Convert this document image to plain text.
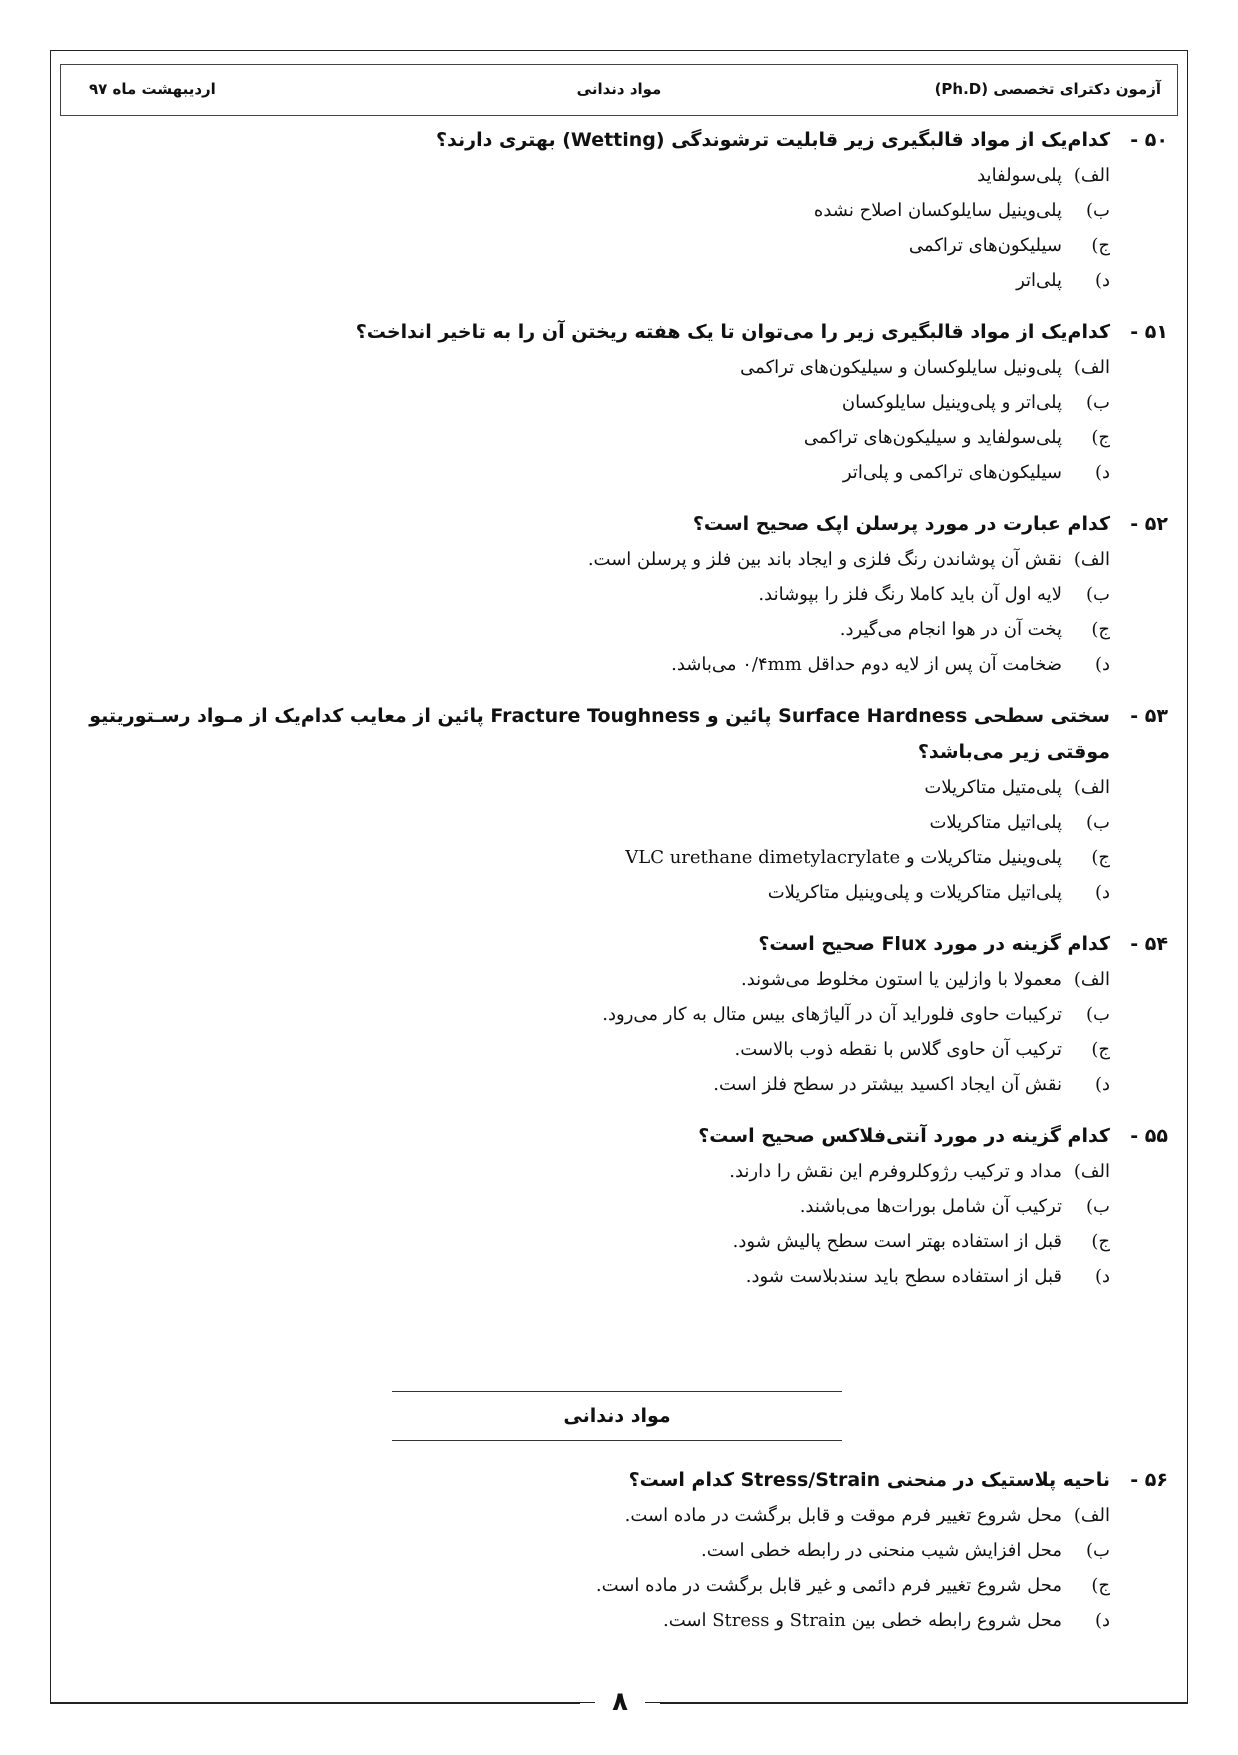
آزمون دکترای تخصصی (Ph.D)
مواد دندانی
اردیبهشت ماه ۹۷
۵۰ -
کدام‌یک از مواد قالبگیری زیر قابلیت ترشوندگی (Wetting) بهتری دارند؟
الف)
پلی‌سولفاید
ب)
پلی‌وینیل سایلوکسان اصلاح نشده
ج)
سیلیکون‌های تراکمی
د)
پلی‌اتر
۵۱ -
کدام‌یک از مواد قالبگیری زیر را می‌توان تا یک هفته ریختن آن را به تاخیر انداخت؟
الف)
پلی‌ونیل سایلوکسان و سیلیکون‌های تراکمی
ب)
پلی‌اتر و پلی‌وینیل سایلوکسان
ج)
پلی‌سولفاید و سیلیکون‌های تراکمی
د)
سیلیکون‌های تراکمی و پلی‌اتر
۵۲ -
کدام عبارت در مورد پرسلن اپک صحیح است؟
الف)
نقش آن پوشاندن رنگ فلزی و ایجاد باند بین فلز و پرسلن است.
ب)
لایه اول آن باید کاملا رنگ فلز را بپوشاند.
ج)
پخت آن در هوا انجام می‌گیرد.
د)
ضخامت آن پس از لایه دوم حداقل ۰/۴mm می‌باشد.
۵۳ -
سختی سطحی Surface Hardness پائین و Fracture Toughness پائین از معایب کدام‌یک از مـواد رسـتوریتیو موقتی زیر می‌باشد؟
الف)
پلی‌متیل متاکریلات
ب)
پلی‌اتیل متاکریلات
ج)
پلی‌وینیل متاکریلات و VLC urethane dimetylacrylate
د)
پلی‌اتیل متاکریلات و پلی‌وینیل متاکریلات
۵۴ -
کدام گزینه در مورد Flux صحیح است؟
الف)
معمولا با وازلین یا استون مخلوط می‌شوند.
ب)
ترکیبات حاوی فلوراید آن در آلیاژهای بیس متال به کار می‌رود.
ج)
ترکیب آن حاوی گلاس با نقطه ذوب بالاست.
د)
نقش آن ایجاد اکسید بیشتر در سطح فلز است.
۵۵ -
کدام گزینه در مورد آنتی‌فلاکس صحیح است؟
الف)
مداد و ترکیب رژوکلروفرم این نقش را دارند.
ب)
ترکیب آن شامل بورات‌ها می‌باشند.
ج)
قبل از استفاده بهتر است سطح پالیش شود.
د)
قبل از استفاده سطح باید سندبلاست شود.
مواد دندانی
۵۶ -
ناحیه پلاستیک در منحنی Stress/Strain کدام است؟
الف)
محل شروع تغییر فرم موقت و قابل برگشت در ماده است.
ب)
محل افزایش شیب منحنی در رابطه خطی است.
ج)
محل شروع تغییر فرم دائمی و غیر قابل برگشت در ماده است.
د)
محل شروع رابطه خطی بین Strain و Stress است.
۸
